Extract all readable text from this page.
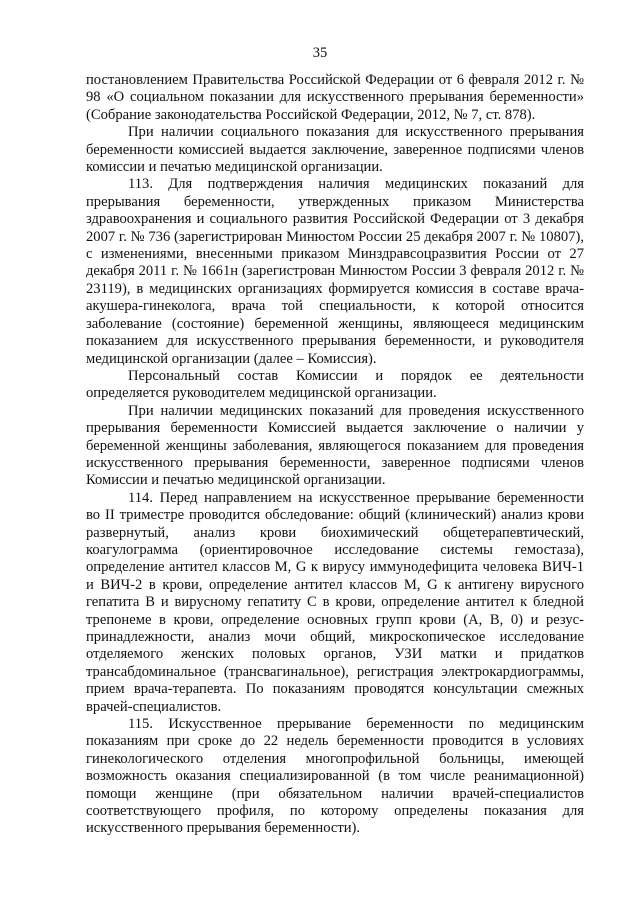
35

постановлением Правительства Российской Федерации от 6 февраля 2012 г. № 98 «О социальном показании для искусственного прерывания беременности» (Собрание законодательства Российской Федерации, 2012, № 7, ст. 878).

При наличии социального показания для искусственного прерывания беременности комиссией выдается заключение, заверенное подписями членов комиссии и печатью медицинской организации.

113. Для подтверждения наличия медицинских показаний для прерывания беременности, утвержденных приказом Министерства здравоохранения и социального развития Российской Федерации от 3 декабря 2007 г. № 736 (зарегистрирован Минюстом России 25 декабря 2007 г. № 10807), с изменениями, внесенными приказом Минздравсоцразвития России от 27 декабря 2011 г. № 1661н (зарегистрован Минюстом России 3 февраля 2012 г. № 23119), в медицинских организациях формируется комиссия в составе врача-акушера-гинеколога, врача той специальности, к которой относится заболевание (состояние) беременной женщины, являющееся медицинским показанием для искусственного прерывания беременности, и руководителя медицинской организации (далее – Комиссия).

Персональный состав Комиссии и порядок ее деятельности определяется руководителем медицинской организации.

При наличии медицинских показаний для проведения искусственного прерывания беременности Комиссией выдается заключение о наличии у беременной женщины заболевания, являющегося показанием для проведения искусственного прерывания беременности, заверенное подписями членов Комиссии и печатью медицинской организации.

114. Перед направлением на искусственное прерывание беременности во II триместре проводится обследование: общий (клинический) анализ крови развернутый, анализ крови биохимический общетерапевтический, коагулограмма (ориентировочное исследование системы гемостаза), определение антител классов M, G к вирусу иммунодефицита человека ВИЧ-1 и ВИЧ-2 в крови, определение антител классов M, G к антигену вирусного гепатита B и вирусному гепатиту C в крови, определение антител к бледной трепонеме в крови, определение основных групп крови (A, B, 0) и резус-принадлежности, анализ мочи общий, микроскопическое исследование отделяемого женских половых органов, УЗИ матки и придатков трансабдоминальное (трансвагинальное), регистрация электрокардиограммы, прием врача-терапевта. По показаниям проводятся консультации смежных врачей-специалистов.

115. Искусственное прерывание беременности по медицинским показаниям при сроке до 22 недель беременности проводится в условиях гинекологического отделения многопрофильной больницы, имеющей возможность оказания специализированной (в том числе реанимационной) помощи женщине (при обязательном наличии врачей-специалистов соответствующего профиля, по которому определены показания для искусственного прерывания беременности).
